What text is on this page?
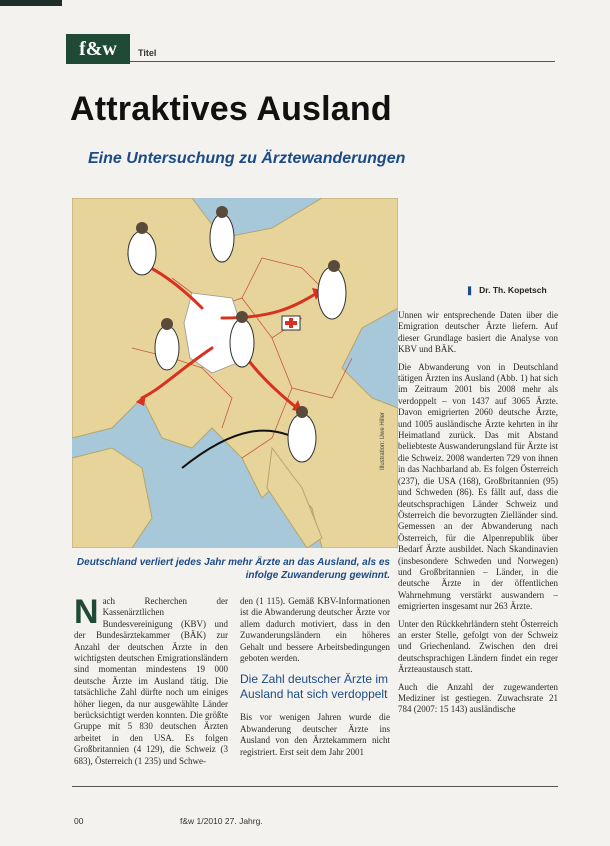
f&w	Titel
Attraktives Ausland
Eine Untersuchung zu Ärztewanderungen
Illustration: Uwe Hiller
Deutschland verliert jedes Jahr mehr Ärzte an das Ausland, als es infolge Zuwanderung gewinnt.
❚ Dr. Th. Kopetsch

Unnen wir entsprechende Daten über die Emigration deutscher Ärzte liefern. Auf dieser Grundlage basiert die Analyse von KBV und BÄK.

Die Abwanderung von in Deutschland tätigen Ärzten ins Ausland (Abb. 1) hat sich im Zeitraum 2001 bis 2008 mehr als verdoppelt – von 1437 auf 3065 Ärzte. Davon emigrierten 2060 deutsche Ärzte, und 1005 ausländische Ärzte kehrten in ihr Heimatland zurück. Das mit Abstand beliebteste Auswanderungsland für Ärzte ist die Schweiz. 2008 wanderten 729 von ihnen in das Nachbarland ab. Es folgen Österreich (237), die USA (168), Großbritannien (95) und Schweden (86). Es fällt auf, dass die deutschsprachigen Länder Schweiz und Österreich die bevorzugten Zielländer sind. Gemessen an der Abwanderung nach Österreich, für die Alpenrepublik über Bedarf Ärzte ausbildet. Nach Skandinavien (insbesondere Schweden und Norwegen) und Großbritannien – Länder, in die deutsche Ärzte in der öffentlichen Wahrnehmung verstärkt auswandern – emigrierten insgesamt nur 263 Ärzte.

Unter den Rückkehrländern steht Österreich an erster Stelle, gefolgt von der Schweiz und Griechenland. Zwischen den drei deutschsprachigen Ländern findet ein reger Ärzteaustausch statt.

Auch die Anzahl der zugewanderten Mediziner ist gestiegen. Zuwachsrate 21 784 (2007: 15 143) ausländische

Nach Recherchen der Kassenärztlichen Bundesvereinigung (KBV) und der Bundesärztekammer (BÄK) zur Anzahl der deutschen Ärzte in den wichtigsten deutschen Emigrationsländern sind momentan mindestens 19 000 deutsche Ärzte im Ausland tätig. Die tatsächliche Zahl dürfte noch um einiges höher liegen, da nur ausgewählte Länder berücksichtigt werden konnten. Die größte Gruppe mit 5 830 deutschen Ärzten arbeitet in den USA. Es folgen Großbritannien (4 129), die Schweiz (3 683), Österreich (1 235) und Schwe-

den (1 115). Gemäß KBV-Informationen ist die Abwanderung deutscher Ärzte vor allem dadurch motiviert, dass in den Zuwanderungsländern ein höheres Gehalt und bessere Arbeitsbedingungen geboten werden.

Die Zahl deutscher Ärzte im Ausland hat sich verdoppelt

Bis vor wenigen Jahren wurde die Abwanderung deutscher Ärzte ins Ausland von den Ärztekammern nicht registriert. Erst seit dem Jahr 2001

00	f&w 1/2010 27. Jahrg.
